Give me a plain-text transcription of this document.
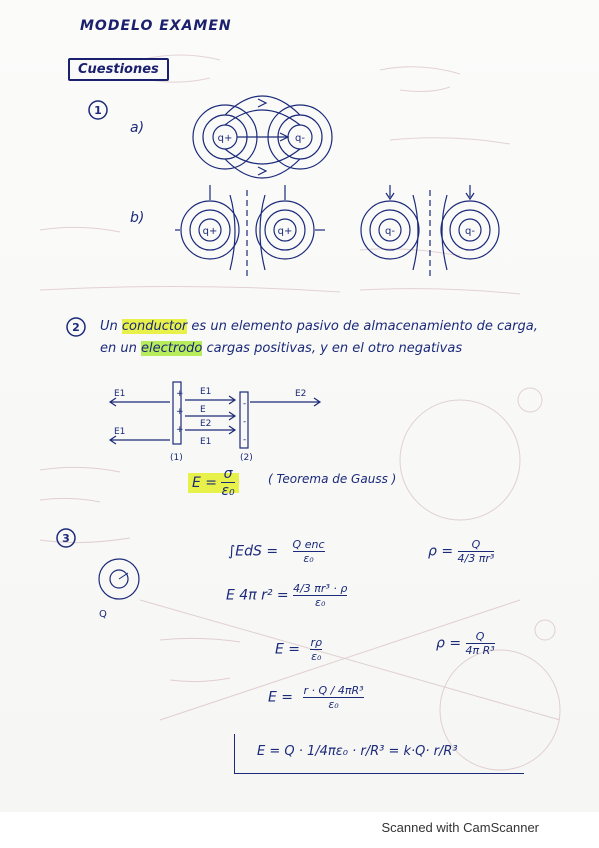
MODELO EXAMEN
Cuestiones
1
a)
b)
q+	q-
q+	q+	q-	q-
2 Un conductor es un elemento pasivo de almacenamiento de carga, en un electrodo cargas positivas, y en el otro negativas
+
+
+
-
-
-
E1	E1
E
E2
E1
E1
E2
(1)	(2)
$E = \frac{\sigma}{\text{ε₀}}$	( Teorema de Gauss )
3
Q
∫EdS = Q enc
ε₀	$\rho = \frac{Q}{\text{4/3 πr³}}$
E 4π $r^2 = \frac{\text{4/3 πr³ · ρ}}{\text{ε₀}}$
$E = \frac{r\rho}{\text{ε₀}}$	$\rho = \frac{Q}{\text{4π R³}}$
$E = \frac{\text{r · Q / 4πR³}}{\text{ε₀}}$
E = Q · 1/4πε₀ · r/R³ = k·Q· r/R³
Scanned with CamScanner
